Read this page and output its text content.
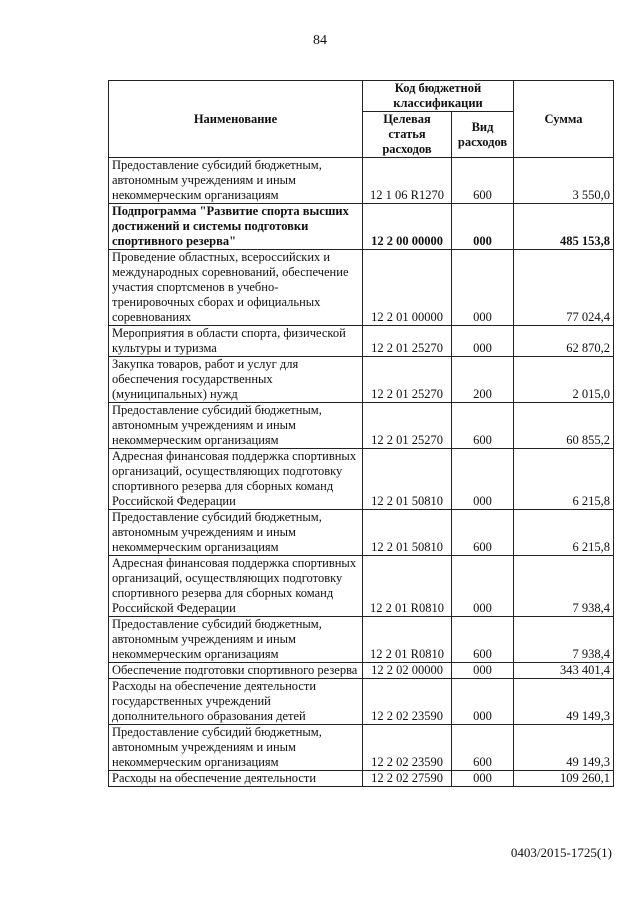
84
Наименование	Код бюджетной классификации		Сумма
	Целевая статья расходов	Вид расходов	
Предоставление субсидий бюджетным, автономным учреждениям и иным некоммерческим организациям	12 1 06 R1270	600	3 550,0
Подпрограмма "Развитие спорта высших достижений и системы подготовки спортивного резерва"	12 2 00 00000	000	485 153,8
Проведение областных, всероссийских и международных соревнований, обеспечение участия спортсменов в учебно-тренировочных сборах и официальных соревнованиях	12 2 01 00000	000	77 024,4
Мероприятия в области спорта, физической культуры и туризма	12 2 01 25270	000	62 870,2
Закупка товаров, работ и услуг для обеспечения государственных (муниципальных) нужд	12 2 01 25270	200	2 015,0
Предоставление субсидий бюджетным, автономным учреждениям и иным некоммерческим организациям	12 2 01 25270	600	60 855,2
Адресная финансовая поддержка спортивных организаций, осуществляющих подготовку спортивного резерва для сборных команд Российской Федерации	12 2 01 50810	000	6 215,8
Предоставление субсидий бюджетным, автономным учреждениям и иным некоммерческим организациям	12 2 01 50810	600	6 215,8
Адресная финансовая поддержка спортивных организаций, осуществляющих подготовку спортивного резерва для сборных команд Российской Федерации	12 2 01 R0810	000	7 938,4
Предоставление субсидий бюджетным, автономным учреждениям и иным некоммерческим организациям	12 2 01 R0810	600	7 938,4
Обеспечение подготовки спортивного резерва	12 2 02 00000	000	343 401,4
Расходы на обеспечение деятельности государственных учреждений дополнительного образования детей	12 2 02 23590	000	49 149,3
Предоставление субсидий бюджетным, автономным учреждениям и иным некоммерческим организациям	12 2 02 23590	600	49 149,3
Расходы на обеспечение деятельности	12 2 02 27590	000	109 260,1
0403/2015-1725(1)
